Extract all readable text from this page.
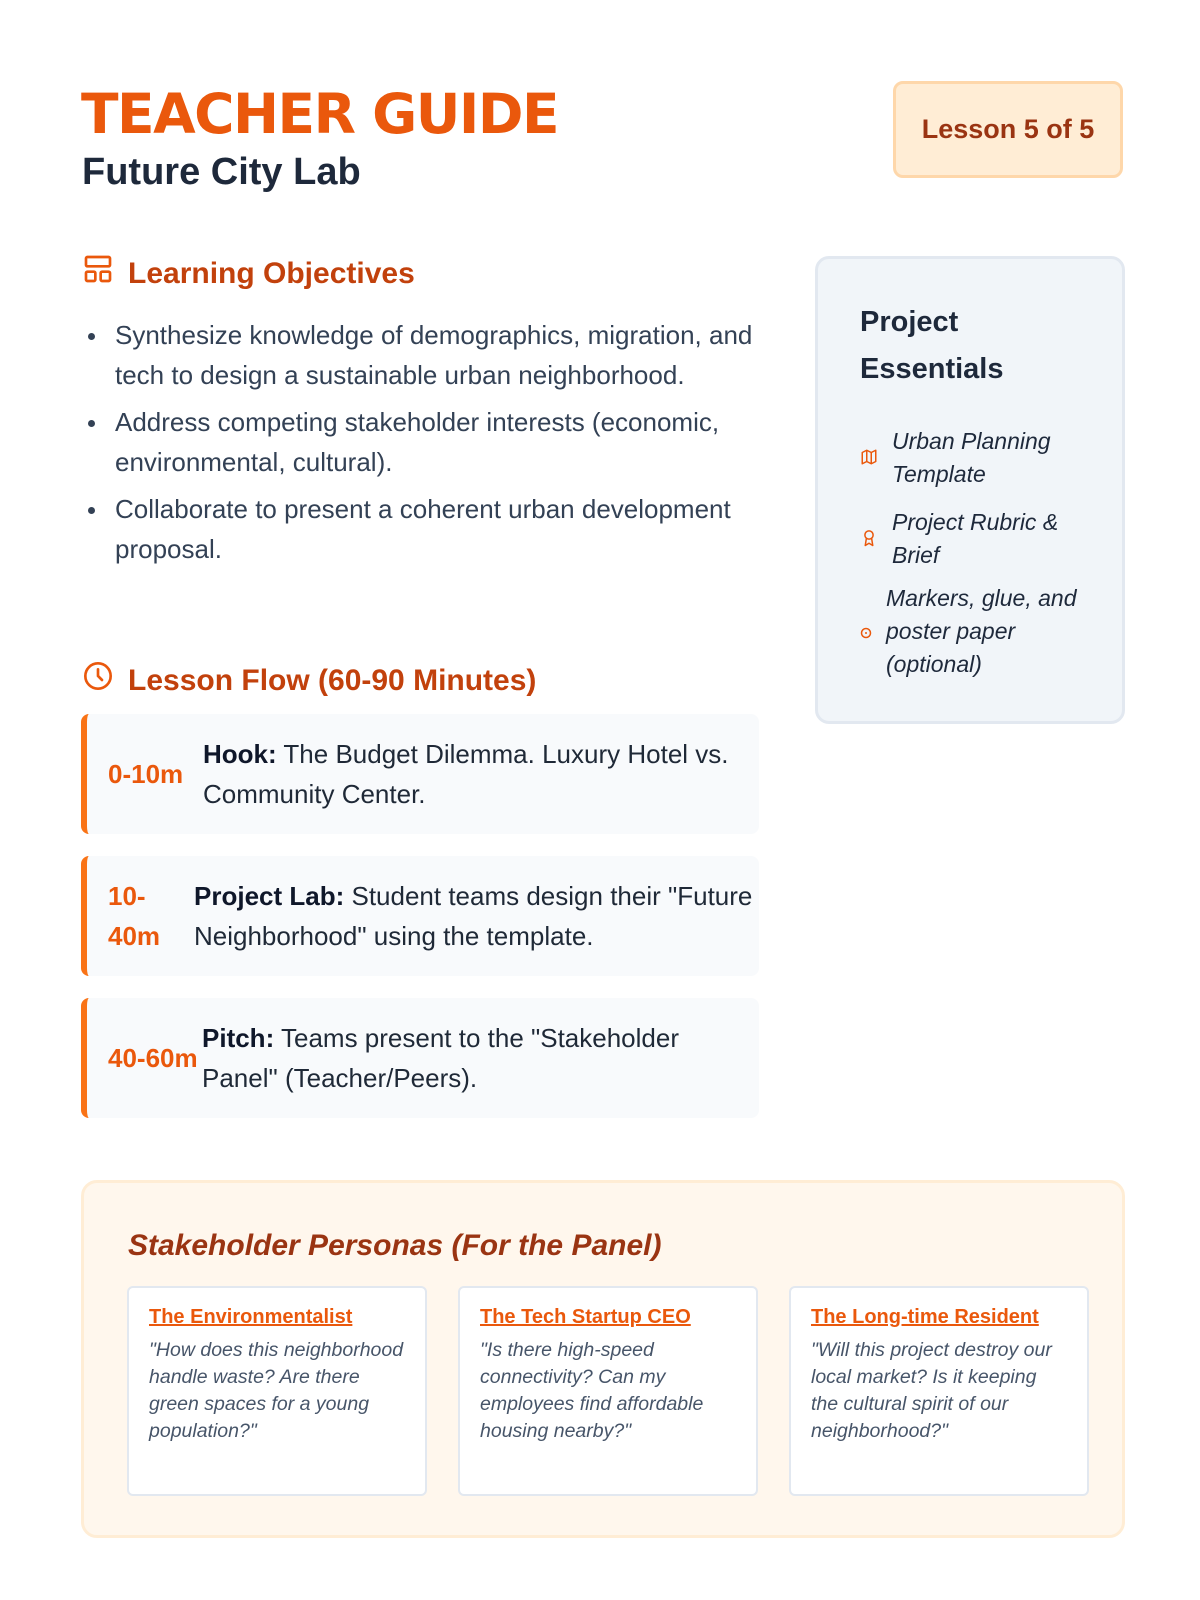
TEACHER GUIDE
Future City Lab
Lesson 5 of 5
Learning Objectives
Synthesize knowledge of demographics, migration, and tech to design a sustainable urban neighborhood.
Address competing stakeholder interests (economic, environmental, cultural).
Collaborate to present a coherent urban development proposal.
Lesson Flow (60-90 Minutes)
0-10m
Hook: The Budget Dilemma. Luxury Hotel vs. Community Center.
10-40m
Project Lab: Student teams design their "Future Neighborhood" using the template.
40-60m
Pitch: Teams present to the "Stakeholder Panel" (Teacher/Peers).
Project Essentials
Urban Planning Template
Project Rubric & Brief
Markers, glue, and poster paper (optional)
Stakeholder Personas (For the Panel)
The Environmentalist
"How does this neighborhood handle waste? Are there green spaces for a young population?"
The Tech Startup CEO
"Is there high-speed connectivity? Can my employees find affordable housing nearby?"
The Long-time Resident
"Will this project destroy our local market? Is it keeping the cultural spirit of our neighborhood?"
